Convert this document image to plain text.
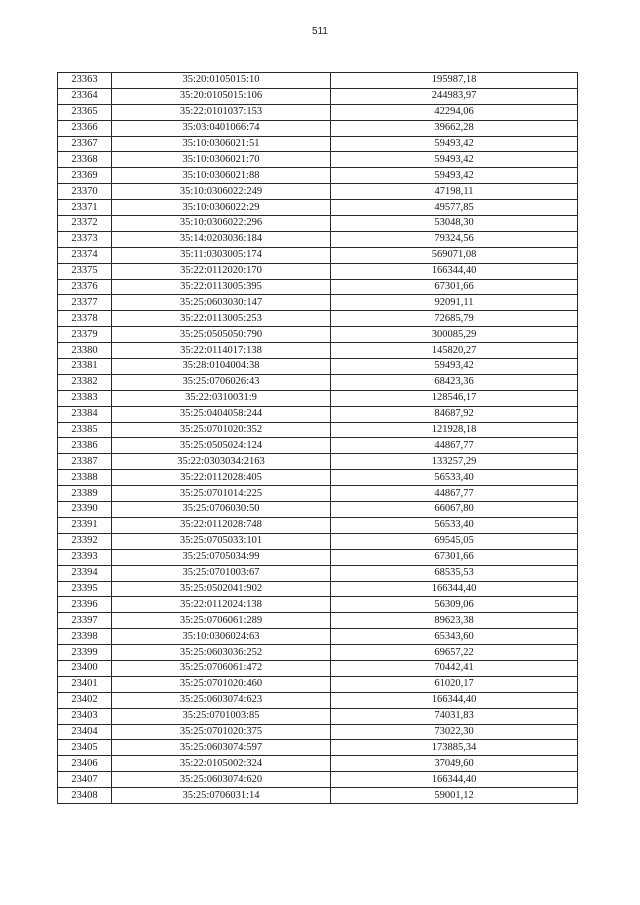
511
23363	35:20:0105015:10	195987,18
23364	35:20:0105015:106	244983,97
23365	35:22:0101037:153	42294,06
23366	35:03:0401066:74	39662,28
23367	35:10:0306021:51	59493,42
23368	35:10:0306021:70	59493,42
23369	35:10:0306021:88	59493,42
23370	35:10:0306022:249	47198,11
23371	35:10:0306022:29	49577,85
23372	35:10:0306022:296	53048,30
23373	35:14:0203036:184	79324,56
23374	35:11:0303005:174	569071,08
23375	35:22:0112020:170	166344,40
23376	35:22:0113005:395	67301,66
23377	35:25:0603030:147	92091,11
23378	35:22:0113005:253	72685,79
23379	35:25:0505050:790	300085,29
23380	35:22:0114017:138	145820,27
23381	35:28:0104004:38	59493,42
23382	35:25:0706026:43	68423,36
23383	35:22:0310031:9	128546,17
23384	35:25:0404058:244	84687,92
23385	35:25:0701020:352	121928,18
23386	35:25:0505024:124	44867,77
23387	35:22:0303034:2163	133257,29
23388	35:22:0112028:405	56533,40
23389	35:25:0701014:225	44867,77
23390	35:25:0706030:50	66067,80
23391	35:22:0112028:748	56533,40
23392	35:25:0705033:101	69545,05
23393	35:25:0705034:99	67301,66
23394	35:25:0701003:67	68535,53
23395	35:25:0502041:902	166344,40
23396	35:22:0112024:138	56309,06
23397	35:25:0706061:289	89623,38
23398	35:10:0306024:63	65343,60
23399	35:25:0603036:252	69657,22
23400	35:25:0706061:472	70442,41
23401	35:25:0701020:460	61020,17
23402	35:25:0603074:623	166344,40
23403	35:25:0701003:85	74031,83
23404	35:25:0701020:375	73022,30
23405	35:25:0603074:597	173885,34
23406	35:22:0105002:324	37049,60
23407	35:25:0603074:620	166344,40
23408	35:25:0706031:14	59001,12
